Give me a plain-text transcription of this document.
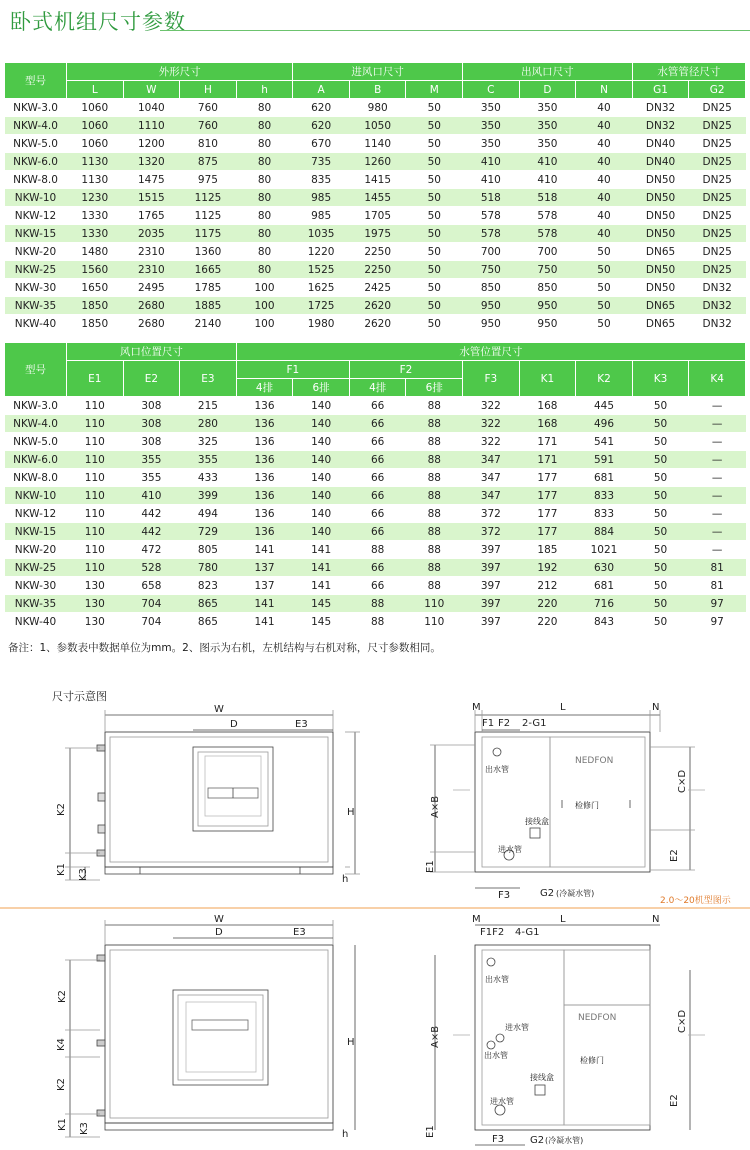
卧式机组尺寸参数
型号	外形尺寸				进风口尺寸			出风口尺寸			水管管径尺寸	
	L	W	H	h	A	B	M	C	D	N	G1	G2
NKW-3.0	1060	1040	760	80	620	980	50	350	350	40	DN32	DN25
NKW-4.0	1060	1110	760	80	620	1050	50	350	350	40	DN32	DN25
NKW-5.0	1060	1200	810	80	670	1140	50	350	350	40	DN40	DN25
NKW-6.0	1130	1320	875	80	735	1260	50	410	410	40	DN40	DN25
NKW-8.0	1130	1475	975	80	835	1415	50	410	410	40	DN50	DN25
NKW-10	1230	1515	1125	80	985	1455	50	518	518	40	DN50	DN25
NKW-12	1330	1765	1125	80	985	1705	50	578	578	40	DN50	DN25
NKW-15	1330	2035	1175	80	1035	1975	50	578	578	40	DN50	DN25
NKW-20	1480	2310	1360	80	1220	2250	50	700	700	50	DN65	DN25
NKW-25	1560	2310	1665	80	1525	2250	50	750	750	50	DN50	DN25
NKW-30	1650	2495	1785	100	1625	2425	50	850	850	50	DN50	DN32
NKW-35	1850	2680	1885	100	1725	2620	50	950	950	50	DN65	DN32
NKW-40	1850	2680	2140	100	1980	2620	50	950	950	50	DN65	DN32
型号	风口位置尺寸			水管位置尺寸								
	E1	E2	E3	F1		F2		F3	K1	K2	K3	K4
				4排	6排	4排	6排					
NKW-3.0	110	308	215	136	140	66	88	322	168	445	50	—
NKW-4.0	110	308	280	136	140	66	88	322	168	496	50	—
NKW-5.0	110	308	325	136	140	66	88	322	171	541	50	—
NKW-6.0	110	355	355	136	140	66	88	347	171	591	50	—
NKW-8.0	110	355	433	136	140	66	88	347	177	681	50	—
NKW-10	110	410	399	136	140	66	88	347	177	833	50	—
NKW-12	110	442	494	136	140	66	88	372	177	833	50	—
NKW-15	110	442	729	136	140	66	88	372	177	884	50	—
NKW-20	110	472	805	141	141	88	88	397	185	1021	50	—
NKW-25	110	528	780	137	141	66	88	397	192	630	50	81
NKW-30	130	658	823	137	141	66	88	397	212	681	50	81
NKW-35	130	704	865	141	145	88	110	397	220	716	50	97
NKW-40	130	704	865	141	145	88	110	397	220	843	50	97
备注：1、参数表中数据单位为mm。2、图示为右机，左机结构与右机对称，尺寸参数相同。
尺寸示意图
W
D	E3
H
h
K2
K1 K3
M	L	N
F1 F2 2-G1
出水管
进水管
接线盒
检修门
NEDFON
A×B
C×D
E1
E2
F3	G2 (冷凝水管)
2.0～20机型图示
W
D	E3
H
h
K2
K4
K2
K1 K3
M	L	N
F1F2 4-G1
出水管
进水管
出水管
进水管
接线盒
检修门
NEDFON
A×B
C×D
E1
E2
F3	G2 (冷凝水管)
